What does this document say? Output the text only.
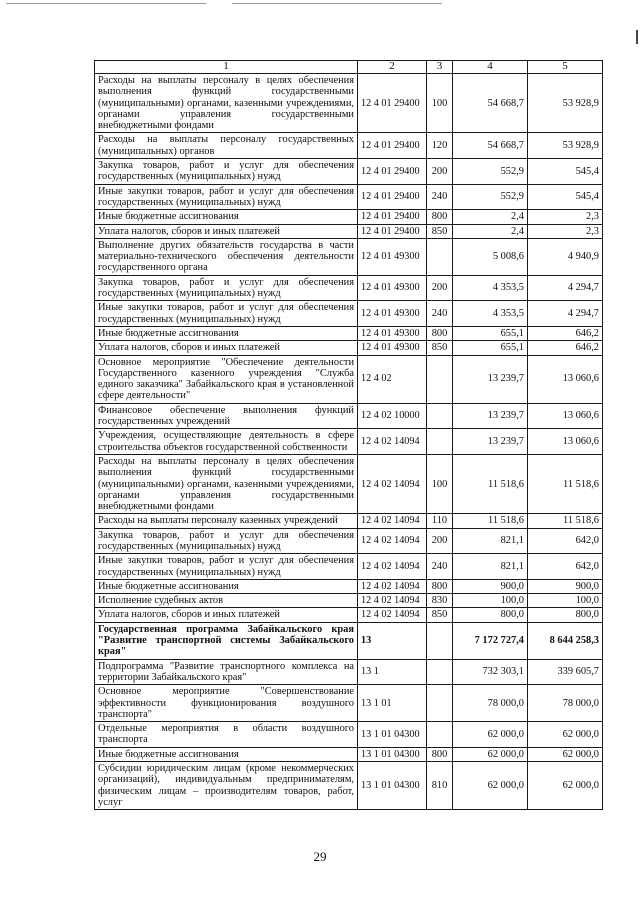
1	2	3	4	5
Расходы на выплаты персоналу в целях обеспечения выполнения функций государственными (муниципальными) органами, казенными учреждениями, органами управления государственными внебюджетными фондами	12 4 01 29400	100	54 668,7	53 928,9
Расходы на выплаты персоналу государственных (муниципальных) органов	12 4 01 29400	120	54 668,7	53 928,9
Закупка товаров, работ и услуг для обеспечения государственных (муниципальных) нужд	12 4 01 29400	200	552,9	545,4
Иные закупки товаров, работ и услуг для обеспечения государственных (муниципальных) нужд	12 4 01 29400	240	552,9	545,4
Иные бюджетные ассигнования	12 4 01 29400	800	2,4	2,3
Уплата налогов, сборов и иных платежей	12 4 01 29400	850	2,4	2,3
Выполнение других обязательств государства в части материально-технического обеспечения деятельности государственного органа	12 4 01 49300		5 008,6	4 940,9
Закупка товаров, работ и услуг для обеспечения государственных (муниципальных) нужд	12 4 01 49300	200	4 353,5	4 294,7
Иные закупки товаров, работ и услуг для обеспечения государственных (муниципальных) нужд	12 4 01 49300	240	4 353,5	4 294,7
Иные бюджетные ассигнования	12 4 01 49300	800	655,1	646,2
Уплата налогов, сборов и иных платежей	12 4 01 49300	850	655,1	646,2
Основное мероприятие "Обеспечение деятельности Государственного казенного учреждения "Служба единого заказчика" Забайкальского края в установленной сфере деятельности"	12 4 02		13 239,7	13 060,6
Финансовое обеспечение выполнения функций государственных учреждений	12 4 02 10000		13 239,7	13 060,6
Учреждения, осуществляющие деятельность в сфере строительства объектов государственной собственности	12 4 02 14094		13 239,7	13 060,6
Расходы на выплаты персоналу в целях обеспечения выполнения функций государственными (муниципальными) органами, казенными учреждениями, органами управления государственными внебюджетными фондами	12 4 02 14094	100	11 518,6	11 518,6
Расходы на выплаты персоналу казенных учреждений	12 4 02 14094	110	11 518,6	11 518,6
Закупка товаров, работ и услуг для обеспечения государственных (муниципальных) нужд	12 4 02 14094	200	821,1	642,0
Иные закупки товаров, работ и услуг для обеспечения государственных (муниципальных) нужд	12 4 02 14094	240	821,1	642,0
Иные бюджетные ассигнования	12 4 02 14094	800	900,0	900,0
Исполнение судебных актов	12 4 02 14094	830	100,0	100,0
Уплата налогов, сборов и иных платежей	12 4 02 14094	850	800,0	800,0
Государственная программа Забайкальского края "Развитие транспортной системы Забайкальского края"	13		7 172 727,4	8 644 258,3
Подпрограмма "Развитие транспортного комплекса на территории Забайкальского края"	13 1		732 303,1	339 605,7
Основное мероприятие "Совершенствование эффективности функционирования воздушного транспорта"	13 1 01		78 000,0	78 000,0
Отдельные мероприятия в области воздушного транспорта	13 1 01 04300		62 000,0	62 000,0
Иные бюджетные ассигнования	13 1 01 04300	800	62 000,0	62 000,0
Субсидии юридическим лицам (кроме некоммерческих организаций), индивидуальным предпринимателям, физическим лицам – производителям товаров, работ, услуг	13 1 01 04300	810	62 000,0	62 000,0
29
